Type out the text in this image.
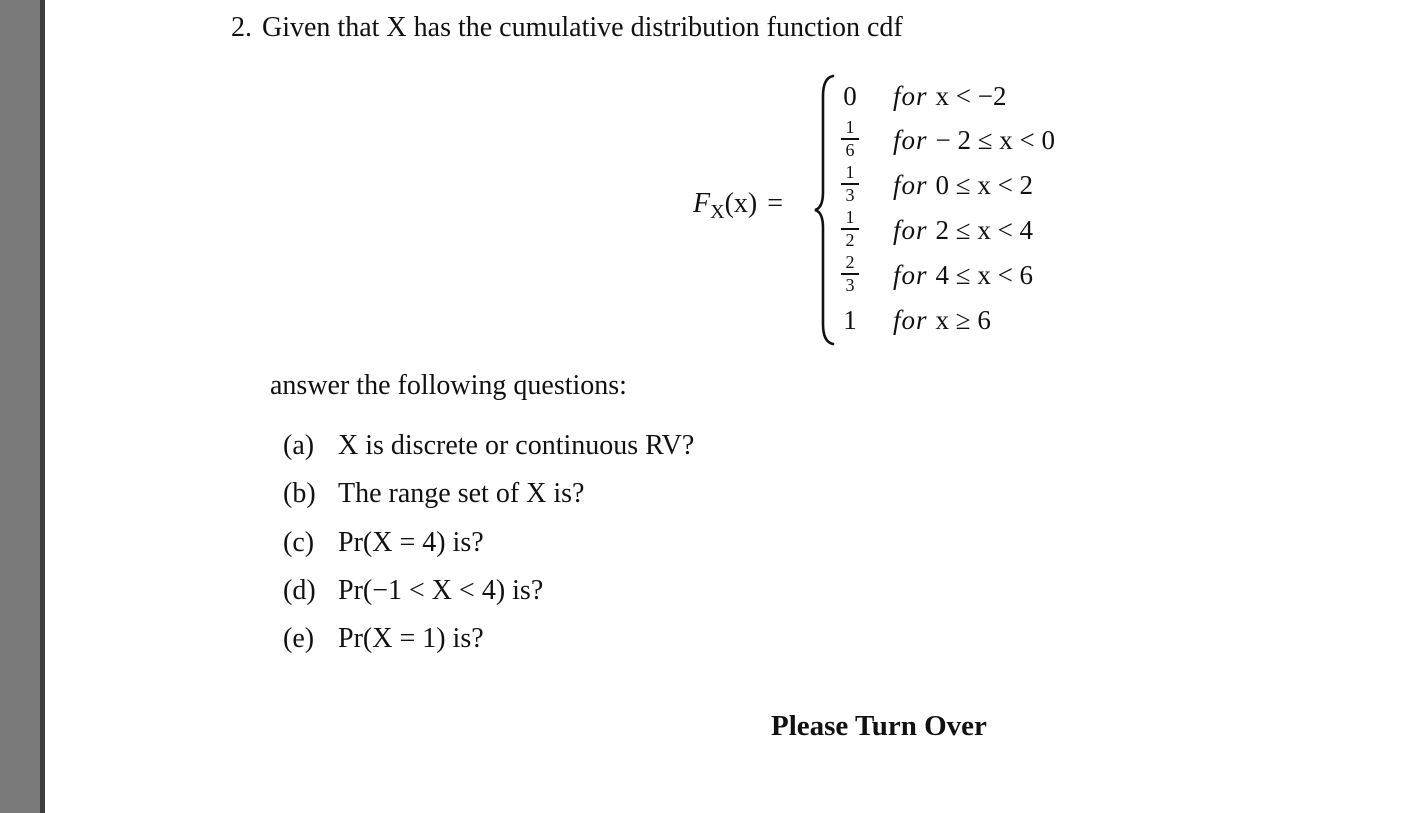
2. Given that X has the cumulative distribution function cdf
$F_X(x)$ =
0	for x < −2
1
6 for − 2 ≤ x < 0
1
3 for 0 ≤ x < 2
1
2 for 2 ≤ x < 4
2
3 for 4 ≤ x < 6
1	for x ≥ 6
answer the following questions:
(a) X is discrete or continuous RV?
(b) The range set of X is?
(c) Pr(X = 4) is?
(d) Pr(−1 < X < 4) is?
(e) Pr(X = 1) is?
Please Turn Over
